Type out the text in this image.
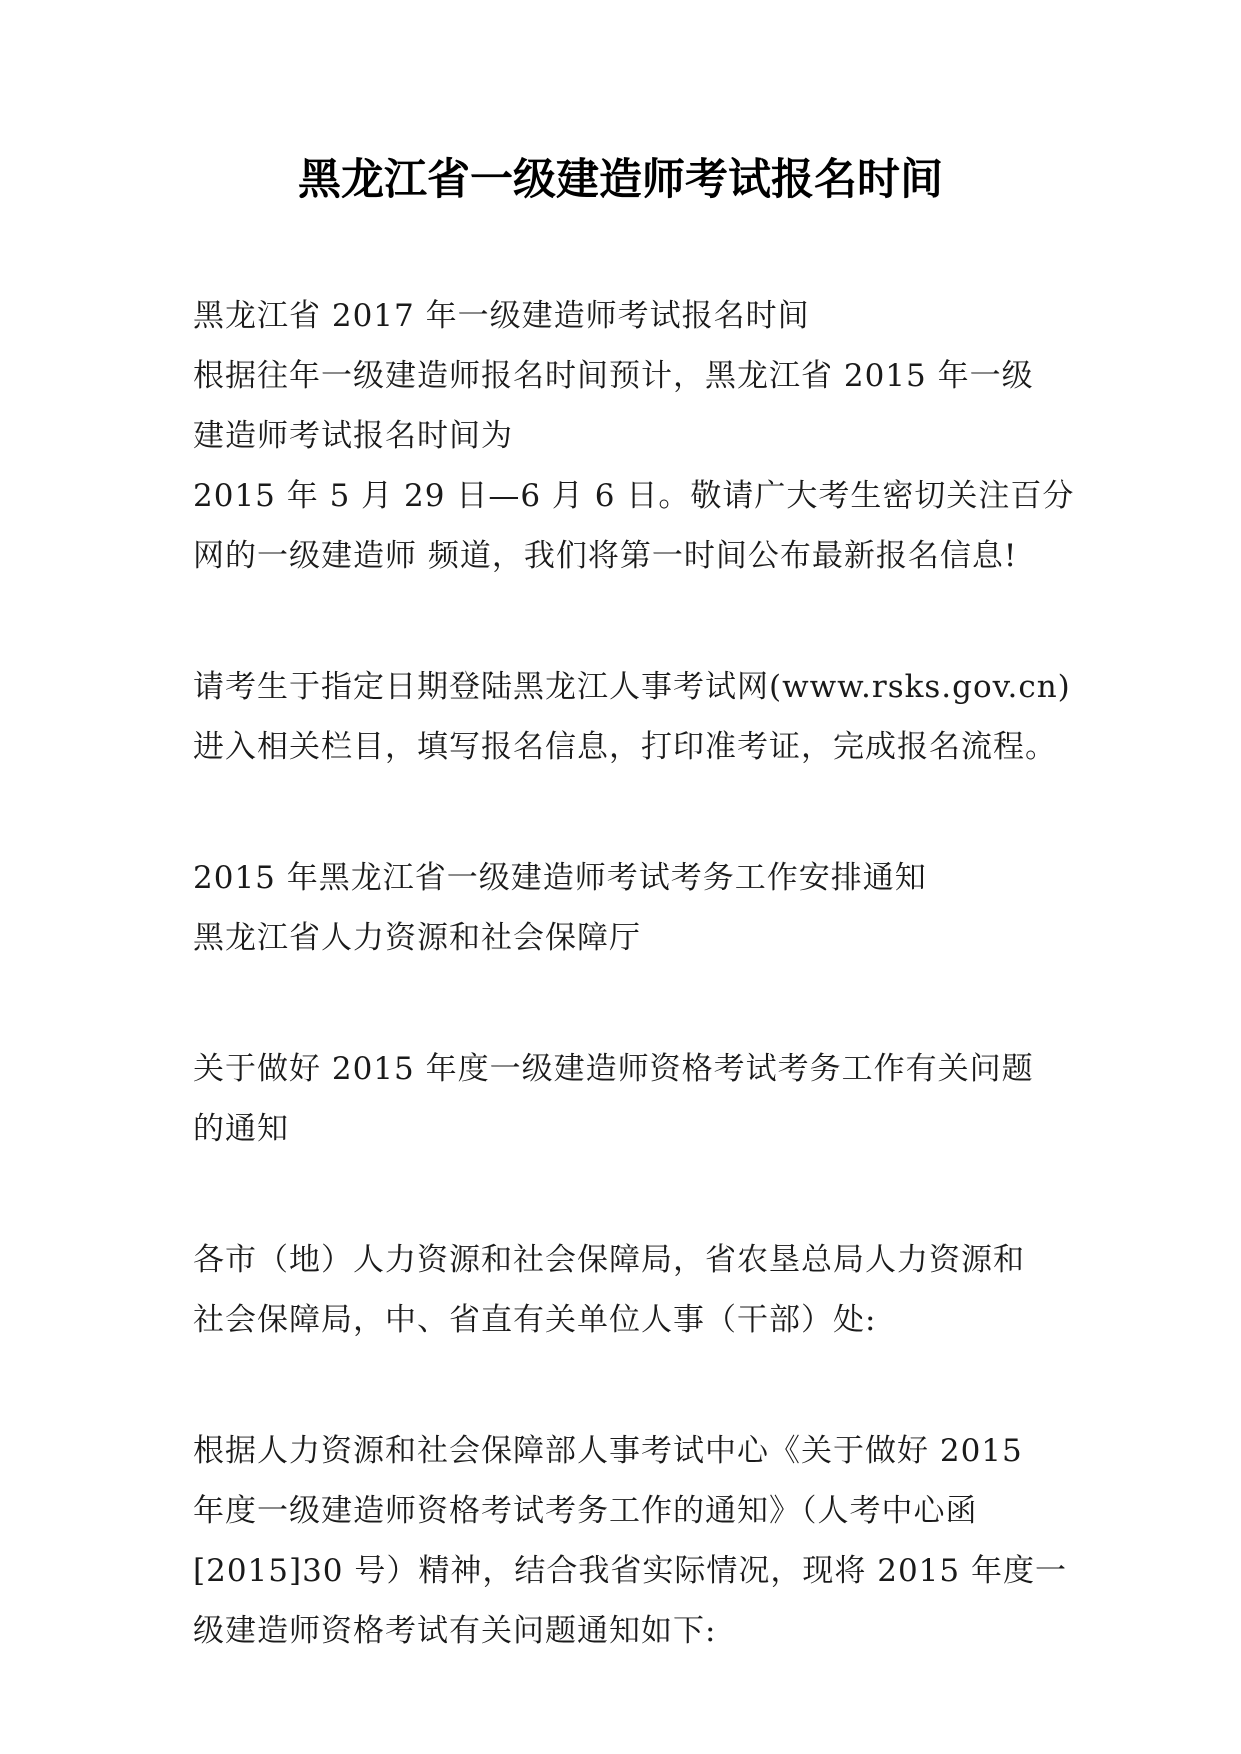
黑龙江省一级建造师考试报名时间
黑龙江省 2017 年一级建造师考试报名时间
根据往年一级建造师报名时间预计，黑龙江省 2015 年一级
建造师考试报名时间为
2015 年 5 月 29 日—6 月 6 日。敬请广大考生密切关注百分
网的一级建造师 频道，我们将第一时间公布最新报名信息!
请考生于指定日期登陆黑龙江人事考试网(www.rsks.gov.cn)
进入相关栏目，填写报名信息，打印准考证，完成报名流程。
2015 年黑龙江省一级建造师考试考务工作安排通知
黑龙江省人力资源和社会保障厅
关于做好 2015 年度一级建造师资格考试考务工作有关问题
的通知
各市（地）人力资源和社会保障局，省农垦总局人力资源和
社会保障局，中、省直有关单位人事（干部）处:
根据人力资源和社会保障部人事考试中心《关于做好 2015
年度一级建造师资格考试考务工作的通知》（人考中心函
[2015]30 号）精神，结合我省实际情况，现将 2015 年度一
级建造师资格考试有关问题通知如下:
